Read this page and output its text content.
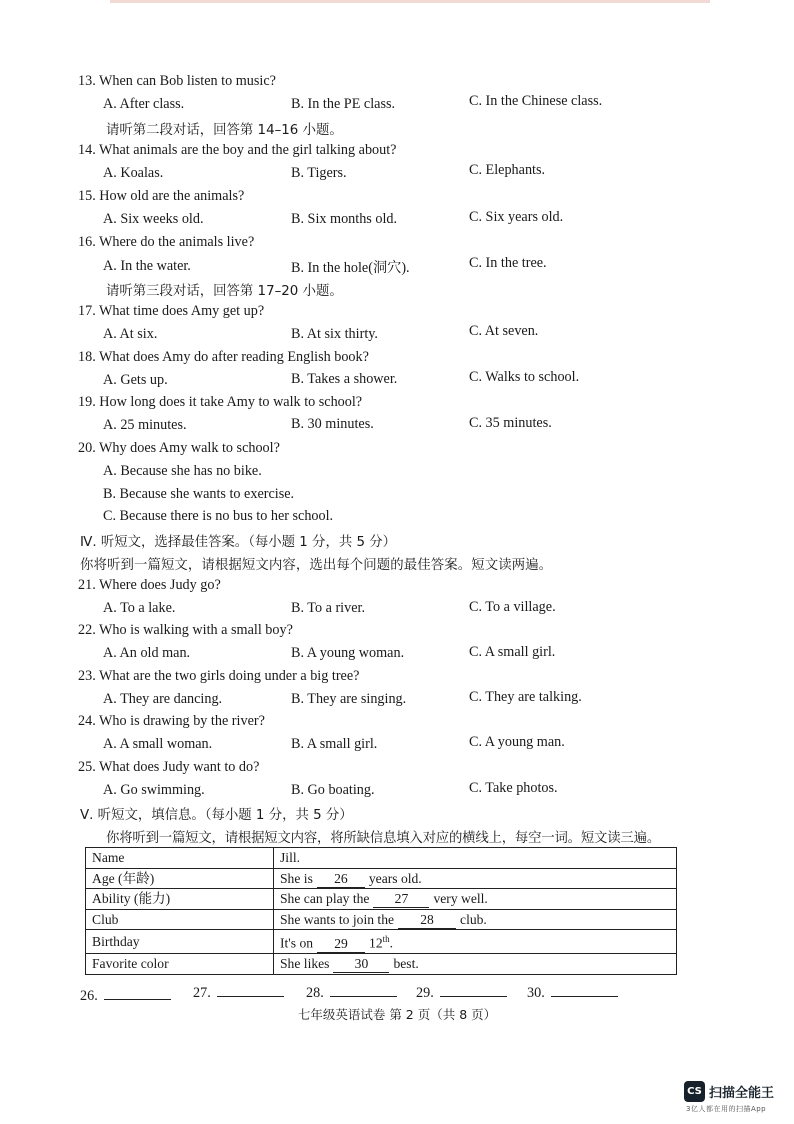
13. When can Bob listen to music?
A. After class.	B. In the PE class.	C. In the Chinese class.
请听第二段对话，回答第 14–16 小题。
14. What animals are the boy and the girl talking about?
A. Koalas.	B. Tigers.	C. Elephants.
15. How old are the animals?
A. Six weeks old.	B. Six months old.	C. Six years old.
16. Where do the animals live?
A. In the water.	B. In the hole(洞穴).	C. In the tree.
请听第三段对话，回答第 17–20 小题。
17. What time does Amy get up?
A. At six.	B. At six thirty.	C. At seven.
18. What does Amy do after reading English book?
A. Gets up.	B. Takes a shower.	C. Walks to school.
19. How long does it take Amy to walk to school?
A. 25 minutes.	B. 30 minutes.	C. 35 minutes.
20. Why does Amy walk to school?
A. Because she has no bike.
B. Because she wants to exercise.
C. Because there is no bus to her school.
Ⅳ. 听短文，选择最佳答案。（每小题 1 分，共 5 分）
你将听到一篇短文，请根据短文内容，选出每个问题的最佳答案。短文读两遍。
21. Where does Judy go?
A. To a lake.	B. To a river.	C. To a village.
22. Who is walking with a small boy?
A. An old man.	B. A young woman.	C. A small girl.
23. What are the two girls doing under a big tree?
A. They are dancing.	B. They are singing.	C. They are talking.
24. Who is drawing by the river?
A. A small woman.	B. A small girl.	C. A young man.
25. What does Judy want to do?
A. Go swimming.	B. Go boating.	C. Take photos.
Ⅴ. 听短文，填信息。（每小题 1 分，共 5 分）
你将听到一篇短文，请根据短文内容，将所缺信息填入对应的横线上，每空一词。短文读三遍。
Name	Jill.
Age (年龄)	She is 26 years old.
Ability (能力)	She can play the 27 very well.
Club	She wants to join the 28 club.
Birthday	It's on 29 12th.
Favorite color	She likes 30 best.
26.	27.	28.	29.	30.
七年级英语试卷 第 2 页（共 8 页）
CS 扫描全能王
3亿人都在用的扫描App
